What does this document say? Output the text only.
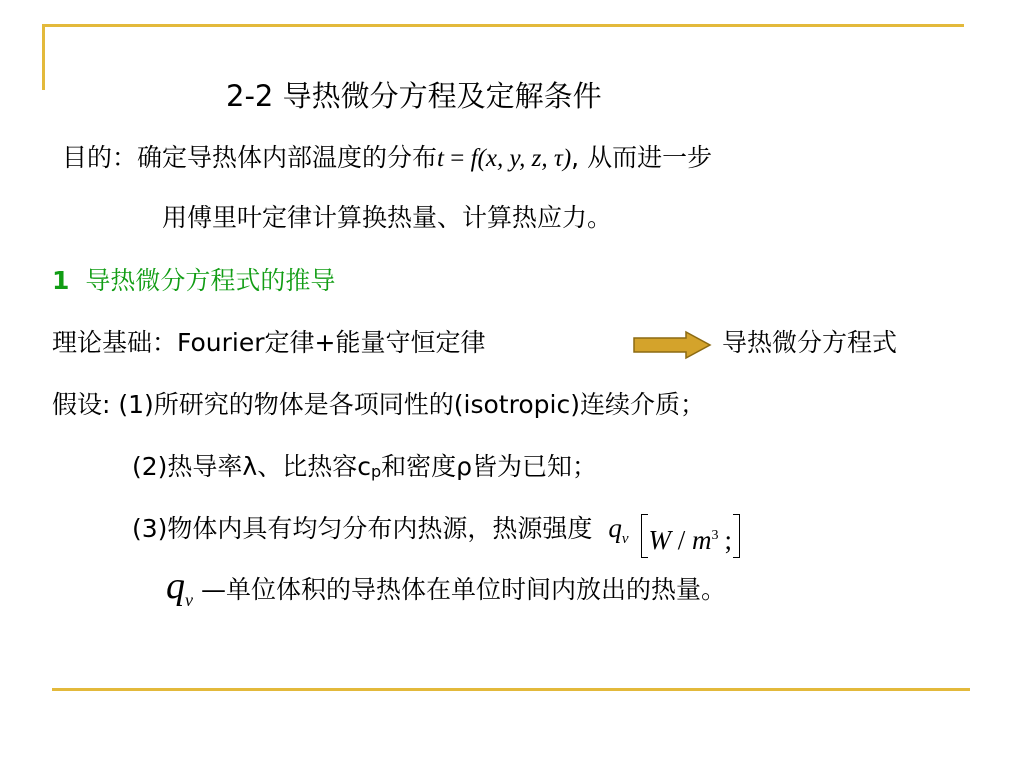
2-2 导热微分方程及定解条件
目的：确定导热体内部温度的分布t = f(x, y, z, τ), 从而进一步
用傅里叶定律计算换热量、计算热应力。
1 导热微分方程式的推导
理论基础：Fourier定律+能量守恒定律	导热微分方程式
假设: (1)所研究的物体是各项同性的(isotropic)连续介质；
(2)热导率λ、比热容cp和密度ρ皆为已知；
(3)物体内具有均匀分布内热源，热源强度 $q_v$ W / $m^3$ ;
$q_v$ —单位体积的导热体在单位时间内放出的热量。
